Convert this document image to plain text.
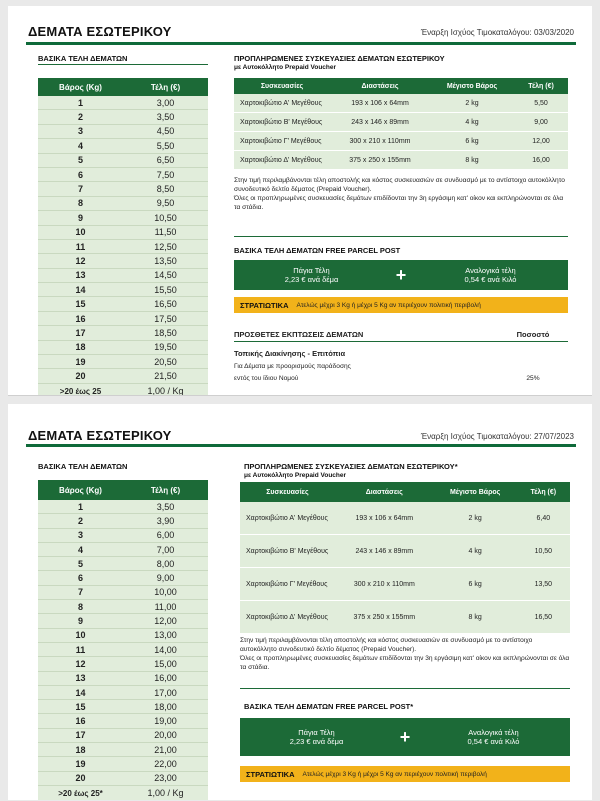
ΔΕΜΑΤΑ ΕΣΩΤΕΡΙΚΟΥ	Έναρξη Ισχύος Τιμοκαταλόγου: 03/03/2020
ΒΑΣΙΚΑ ΤΕΛΗ ΔΕΜΑΤΩΝ
Βάρος (Kg)	Τέλη (€)
1	3,00
2	3,50
3	4,50
4	5,50
5	6,50
6	7,50
7	8,50
8	9,50
9	10,50
10	11,50
11	12,50
12	13,50
13	14,50
14	15,50
15	16,50
16	17,50
17	18,50
18	19,50
19	20,50
20	21,50
>20 έως 25	1,00 / Kg
ΠΡΟΠΛΗΡΩΜΕΝΕΣ ΣΥΣΚΕΥΑΣΙΕΣ ΔΕΜΑΤΩΝ ΕΣΩΤΕΡΙΚΟΥ
με Αυτοκόλλητο Prepaid Voucher
Συσκευασίες	Διαστάσεις	Μέγιστο Βάρος	Τέλη (€)
Χαρτοκιβώτιο Α' Μεγέθους	193 x 106 x 64mm	2 kg	5,50
Χαρτοκιβώτιο Β' Μεγέθους	243 x 146 x 89mm	4 kg	9,00
Χαρτοκιβώτιο Γ' Μεγέθους	300 x 210 x 110mm	6 kg	12,00
Χαρτοκιβώτιο Δ' Μεγέθους	375 x 250 x 155mm	8 kg	16,00
Στην τιμή περιλαμβάνονται τέλη αποστολής και κόστος συσκευασιών σε συνδυασμό με το αντίστοιχο αυτοκόλλητο συνοδευτικό δελτίο δέματος (Prepaid Voucher).
Όλες οι προπληρωμένες συσκευασίες δεμάτων επιδίδονται την 3η εργάσιμη κατ' οίκον και εκπληρώνονται σε όλα τα στάδια.
ΒΑΣΙΚΑ ΤΕΛΗ ΔΕΜΑΤΩΝ FREE PARCEL POST
Πάγια Τέλη
2,23 € ανά δέμα	+	Αναλογικά τέλη
0,54 € ανά Κιλό
ΣΤΡΑΤΙΩΤΙΚΑ Ατελώς μέχρι 3 Kg ή μέχρι 5 Kg αν περιέχουν πολιτική περιβολή
ΠΡΟΣΘΕΤΕΣ ΕΚΠΤΩΣΕΙΣ ΔΕΜΑΤΩΝ	Ποσοστό
Τοπικής Διακίνησης - Επιτόπια
Για Δέματα με προορισμούς παράδοσης
εντός του ίδιου Νομού	25%
ΔΕΜΑΤΑ ΕΣΩΤΕΡΙΚΟΥ	Έναρξη Ισχύος Τιμοκαταλόγου: 27/07/2023
ΒΑΣΙΚΑ ΤΕΛΗ ΔΕΜΑΤΩΝ
Βάρος (Kg)	Τέλη (€)
1	3,50
2	3,90
3	6,00
4	7,00
5	8,00
6	9,00
7	10,00
8	11,00
9	12,00
10	13,00
11	14,00
12	15,00
13	16,00
14	17,00
15	18,00
16	19,00
17	20,00
18	21,00
19	22,00
20	23,00
>20 έως 25*	1,00 / Kg
ΠΡΟΠΛΗΡΩΜΕΝΕΣ ΣΥΣΚΕΥΑΣΙΕΣ ΔΕΜΑΤΩΝ ΕΣΩΤΕΡΙΚΟΥ*
με Αυτοκόλλητο Prepaid Voucher
Συσκευασίες	Διαστάσεις	Μέγιστο Βάρος	Τέλη (€)
Χαρτοκιβώτιο Α' Μεγέθους	193 x 106 x 64mm	2 kg	6,40
Χαρτοκιβώτιο Β' Μεγέθους	243 x 146 x 89mm	4 kg	10,50
Χαρτοκιβώτιο Γ' Μεγέθους	300 x 210 x 110mm	6 kg	13,50
Χαρτοκιβώτιο Δ' Μεγέθους	375 x 250 x 155mm	8 kg	16,50
Στην τιμή περιλαμβάνονται τέλη αποστολής και κόστος συσκευασιών σε συνδυασμό με το αντίστοιχο αυτοκόλλητο συνοδευτικό δελτίο δέματος (Prepaid Voucher).
Όλες οι προπληρωμένες συσκευασίες δεμάτων επιδίδονται την 3η εργάσιμη κατ' οίκον και εκπληρώνονται σε όλα τα στάδια.
ΒΑΣΙΚΑ ΤΕΛΗ ΔΕΜΑΤΩΝ FREE PARCEL POST*
Πάγια Τέλη
2,23 € ανά δέμα	+	Αναλογικά τέλη
0,54 € ανά Κιλό
ΣΤΡΑΤΙΩΤΙΚΑ Ατελώς μέχρι 3 Kg ή μέχρι 5 Kg αν περιέχουν πολιτική περιβολή
